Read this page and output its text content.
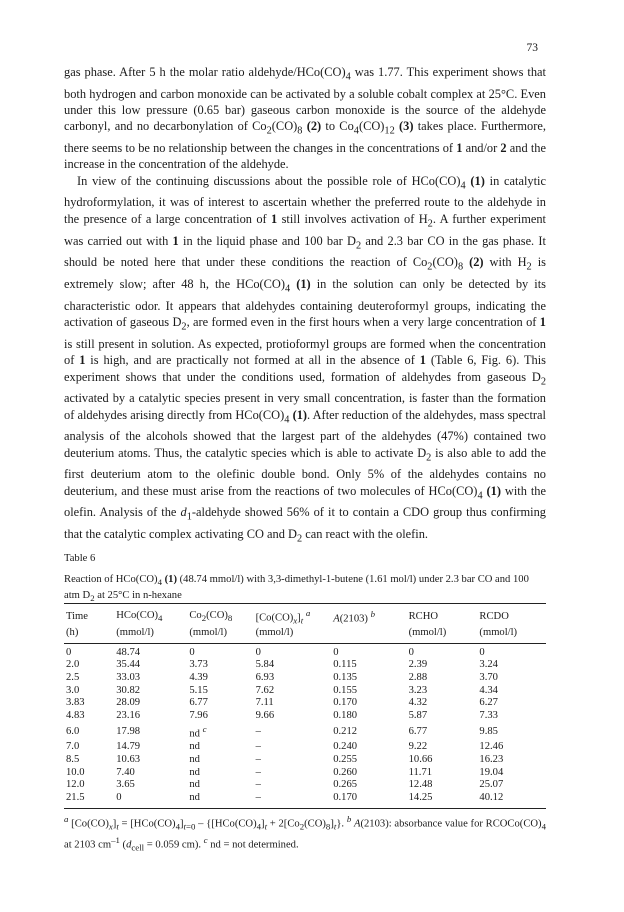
73

gas phase. After 5 h the molar ratio aldehyde/$HCo(CO)_4$ was 1.77. This experiment shows that both hydrogen and carbon monoxide can be activated by a soluble cobalt complex at 25°C. Even under this low pressure (0.65 bar) gaseous carbon monoxide is the source of the aldehyde carbonyl, and no decarbonylation of $Co_2(CO)_8$ (2) to $Co_4(CO)_{12}$ (3) takes place. Furthermore, there seems to be no relationship between the changes in the concentrations of 1 and/or 2 and the increase in the concentration of the aldehyde.

In view of the continuing discussions about the possible role of $HCo(CO)_4$ (1) in catalytic hydroformylation, it was of interest to ascertain whether the preferred route to the aldehyde in the presence of a large concentration of 1 still involves activation of $H_2$. A further experiment was carried out with 1 in the liquid phase and 100 bar $D_2$ and 2.3 bar CO in the gas phase. It should be noted here that under these conditions the reaction of $Co_2(CO)_8$ (2) with $H_2$ is extremely slow; after 48 h, the $HCo(CO)_4$ (1) in the solution can only be detected by its characteristic odor. It appears that aldehydes containing deuteroformyl groups, indicating the activation of gaseous $D_2$, are formed even in the first hours when a very large concentration of 1 is still present in solution. As expected, protioformyl groups are formed when the concentration of 1 is high, and are practically not formed at all in the absence of 1 (Table 6, Fig. 6). This experiment shows that under the conditions used, formation of aldehydes from gaseous $D_2$ activated by a catalytic species present in very small concentration, is faster than the formation of aldehydes arising directly from $HCo(CO)_4$ (1). After reduction of the aldehydes, mass spectral analysis of the alcohols showed that the largest part of the aldehydes (47%) contained two deuterium atoms. Thus, the catalytic species which is able to activate $D_2$ is also able to add the first deuterium atom to the olefinic double bond. Only 5% of the aldehydes contains no deuterium, and these must arise from the reactions of two molecules of $HCo(CO)_4$ (1) with the olefin. Analysis of the $d_1$-aldehyde showed 56% of it to contain a CDO group thus confirming that the catalytic complex activating CO and $D_2$ can react with the olefin.

Table 6
Reaction of $HCo(CO)_4$ (1) (48.74 mmol/l) with 3,3-dimethyl-1-butene (1.61 mol/l) under 2.3 bar CO and 100 atm $D_2$ at 25°C in n-hexane
Time	$HCo(CO)_4$	$Co_2(CO)_8$	$[Co(CO)_x]_t$ $^a$	A(2103) $^b$	RCHO	RCDO
(h)	(mmol/l)	(mmol/l)	(mmol/l)		(mmol/l)	(mmol/l)
0	48.74	0	0	0	0	0
2.0	35.44	3.73	5.84	0.115	2.39	3.24
2.5	33.03	4.39	6.93	0.135	2.88	3.70
3.0	30.82	5.15	7.62	0.155	3.23	4.34
3.83	28.09	6.77	7.11	0.170	4.32	6.27
4.83	23.16	7.96	9.66	0.180	5.87	7.33
6.0	17.98	nd $^c$	–	0.212	6.77	9.85
7.0	14.79	nd	–	0.240	9.22	12.46
8.5	10.63	nd	–	0.255	10.66	16.23
10.0	7.40	nd	–	0.260	11.71	19.04
12.0	3.65	nd	–	0.265	12.48	25.07
21.5	0	nd	–	0.170	14.25	40.12
$^a$ $[Co(CO)_x]_t = [HCo(CO)_4]_{t=0} - \{[HCo(CO)_4]_t + 2[Co_2(CO)_8]_t\}$. $^b$ A(2103): absorbance value for $RCOCo(CO)_4$ at 2103 $cm^{-1}$ ($d_{cell} = 0.059$ cm). $^c$ nd = not determined.
